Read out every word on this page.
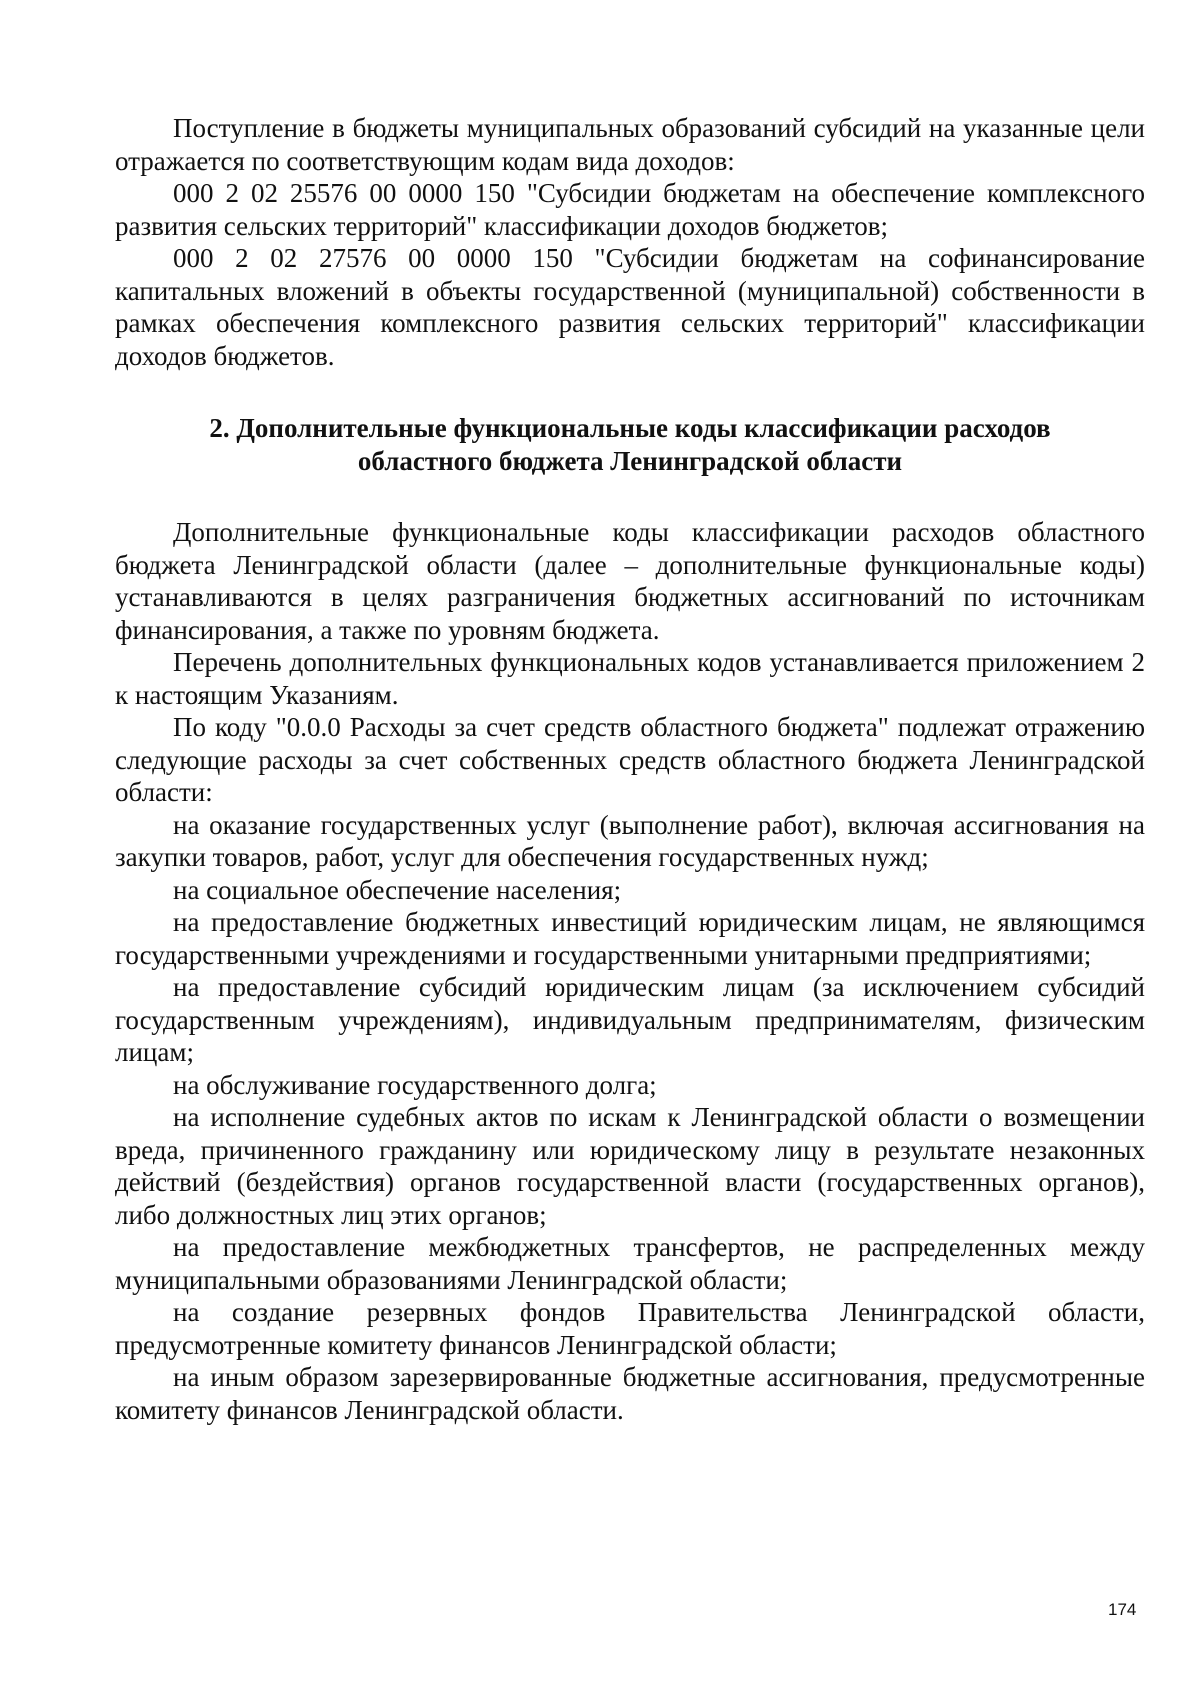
Поступление в бюджеты муниципальных образований субсидий на указанные цели отражается по соответствующим кодам вида доходов:

000 2 02 25576 00 0000 150 "Субсидии бюджетам на обеспечение комплексного развития сельских территорий" классификации доходов бюджетов;

000 2 02 27576 00 0000 150 "Субсидии бюджетам на софинансирование капитальных вложений в объекты государственной (муниципальной) собственности в рамках обеспечения комплексного развития сельских территорий" классификации доходов бюджетов.

2. Дополнительные функциональные коды классификации расходов
областного бюджета Ленинградской области

Дополнительные функциональные коды классификации расходов областного бюджета Ленинградской области (далее – дополнительные функциональные коды) устанавливаются в целях разграничения бюджетных ассигнований по источникам финансирования, а также по уровням бюджета.

Перечень дополнительных функциональных кодов устанавливается приложением 2 к настоящим Указаниям.

По коду "0.0.0 Расходы за счет средств областного бюджета" подлежат отражению следующие расходы за счет собственных средств областного бюджета Ленинградской области:

на оказание государственных услуг (выполнение работ), включая ассигнования на закупки товаров, работ, услуг для обеспечения государственных нужд;

на социальное обеспечение населения;

на предоставление бюджетных инвестиций юридическим лицам, не являющимся государственными учреждениями и государственными унитарными предприятиями;

на предоставление субсидий юридическим лицам (за исключением субсидий государственным учреждениям), индивидуальным предпринимателям, физическим лицам;

на обслуживание государственного долга;

на исполнение судебных актов по искам к Ленинградской области о возмещении вреда, причиненного гражданину или юридическому лицу в результате незаконных действий (бездействия) органов государственной власти (государственных органов), либо должностных лиц этих органов;

на предоставление межбюджетных трансфертов, не распределенных между муниципальными образованиями Ленинградской области;

на создание резервных фондов Правительства Ленинградской области, предусмотренные комитету финансов Ленинградской области;

на иным образом зарезервированные бюджетные ассигнования, предусмотренные комитету финансов Ленинградской области.

174
